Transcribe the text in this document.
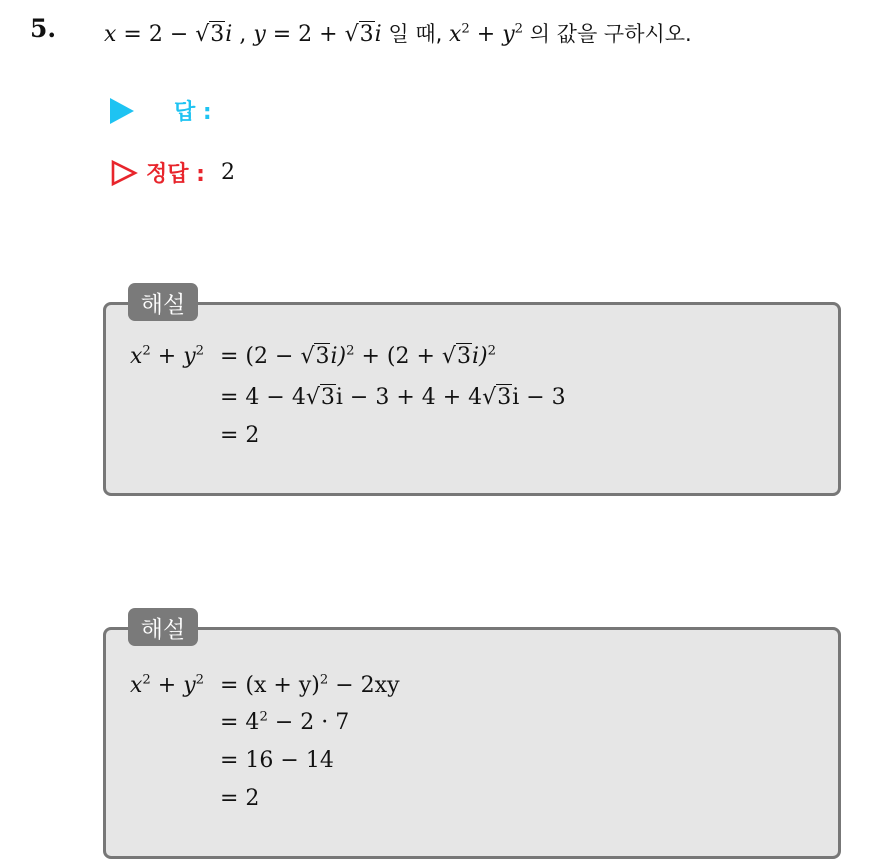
5. x = 2 − √3i , y = 2 + √3i 일 때, $x^2 + y^2$ 의 값을 구하시오.
답 :
정답 : 2
해설
$x^2 + y^2 = (2 - √3i)^2 + (2 + √3i)^2$
= 4 − 4√3i − 3 + 4 + 4√3i − 3
= 2
해설
$x^2 + y^2 = (x + y)^2 - 2xy$
= $4^2 - 2 \cdot 7$
= 16 − 14
= 2
